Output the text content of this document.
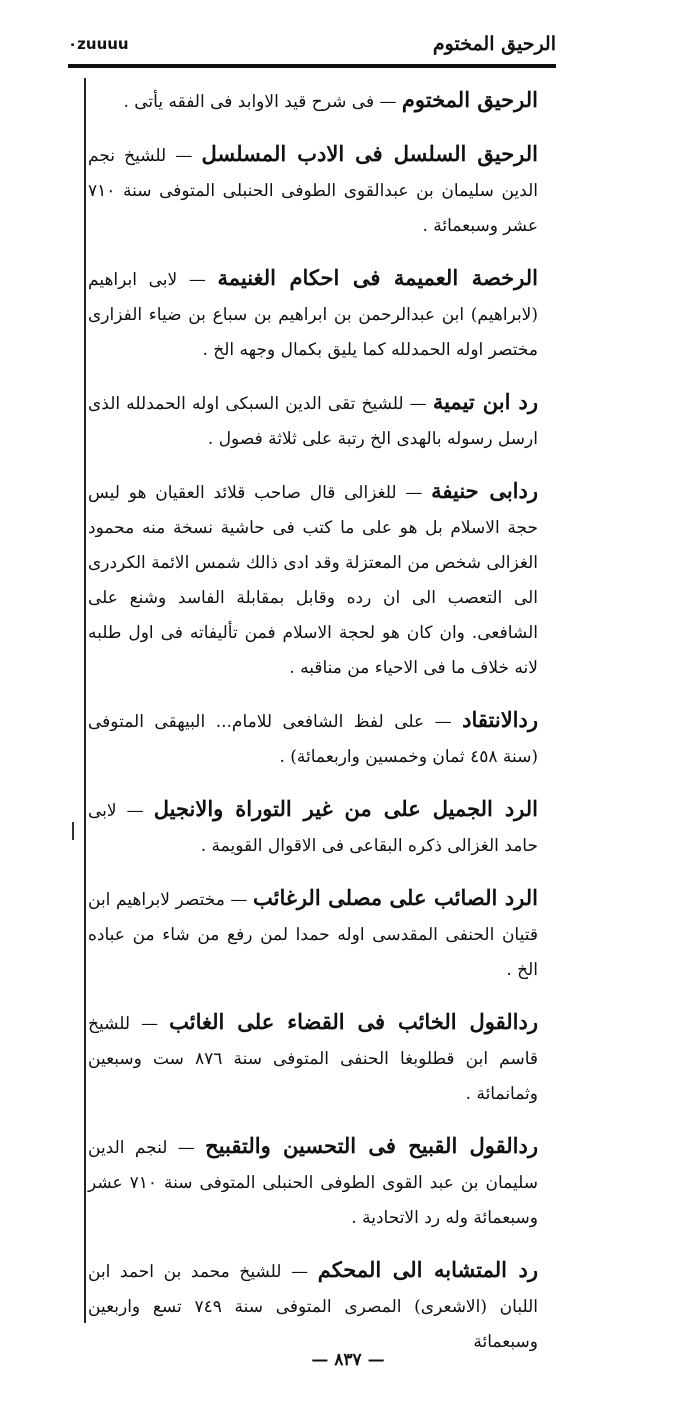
الرحيق المختوم
٠zuuuu

الرحيق المختوم — فى شرح قيد الاوابد فى الفقه يأتى .

الرحيق السلسل فى الادب المسلسل — للشيخ نجم الدين سليمان بن عبدالقوى الطوفى الحنبلى المتوفى سنة ٧١٠ عشر وسبعمائة .

الرخصة العميمة فى احكام الغنيمة — لابى ابراهيم (لابراهيم) ابن عبدالرحمن بن ابراهيم بن سباع بن ضياء الفزارى مختصر اوله الحمدلله كما يليق بكمال وجهه الخ .

رد ابن تيمية — للشيخ تقى الدين السبكى اوله الحمدلله الذى ارسل رسوله بالهدى الخ رتبة على ثلاثة فصول .

ردابى حنيفة — للغزالى قال صاحب قلائد العقيان هو ليس حجة الاسلام بل هو على ما كتب فى حاشية نسخة منه محمود الغزالى شخص من المعتزلة وقد ادى ذالك شمس الائمة الكردرى الى التعصب الى ان رده وقابل بمقابلة الفاسد وشنع على الشافعى. وان كان هو لحجة الاسلام فمن تأليفاته فى اول طلبه لانه خلاف ما فى الاحياء من مناقبه .

ردالانتقاد — على لفظ الشافعى للامام... البيهقى المتوفى (سنة ٤٥٨ ثمان وخمسين واربعمائة) .

الرد الجميل على من غير التوراة والانجيل — لابى حامد الغزالى ذكره البقاعى فى الاقوال القويمة .

الرد الصائب على مصلى الرغائب — مختصر لابراهيم ابن قتيان الحنفى المقدسى اوله حمدا لمن رفع من شاء من عباده الخ .

ردالقول الخائب فى القضاء على الغائب — للشيخ قاسم ابن قطلوبغا الحنفى المتوفى سنة ٨٧٦ ست وسبعين وثمانمائة .

ردالقول القبيح فى التحسين والتقبيح — لنجم الدين سليمان بن عبد القوى الطوفى الحنبلى المتوفى سنة ٧١٠ عشر وسبعمائة وله رد الاتحادية .

رد المتشابه الى المحكم — للشيخ محمد بن احمد ابن اللبان (الاشعرى) المصرى المتوفى سنة ٧٤٩ تسع واربعين وسبعمائة

— ٨٣٧ —
